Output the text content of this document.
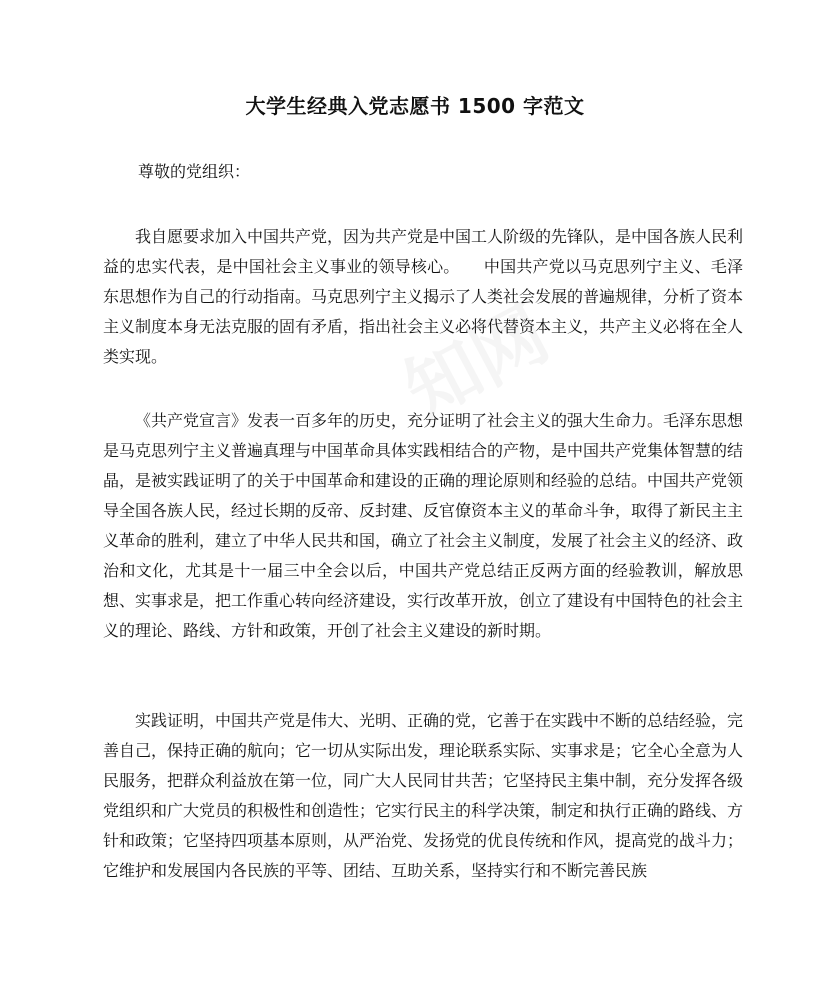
大学生经典入党志愿书 1500 字范文
尊敬的党组织：

我自愿要求加入中国共产党，因为共产党是中国工人阶级的先锋队，是中国各族人民利益的忠实代表，是中国社会主义事业的领导核心。　　中国共产党以马克思列宁主义、毛泽东思想作为自己的行动指南。马克思列宁主义揭示了人类社会发展的普遍规律，分析了资本主义制度本身无法克服的固有矛盾，指出社会主义必将代替资本主义，共产主义必将在全人类实现。

《共产党宣言》发表一百多年的历史，充分证明了社会主义的强大生命力。毛泽东思想是马克思列宁主义普遍真理与中国革命具体实践相结合的产物，是中国共产党集体智慧的结晶，是被实践证明了的关于中国革命和建设的正确的理论原则和经验的总结。中国共产党领导全国各族人民，经过长期的反帝、反封建、反官僚资本主义的革命斗争，取得了新民主主义革命的胜利，建立了中华人民共和国，确立了社会主义制度，发展了社会主义的经济、政治和文化，尤其是十一届三中全会以后，中国共产党总结正反两方面的经验教训，解放思想、实事求是，把工作重心转向经济建设，实行改革开放，创立了建设有中国特色的社会主义的理论、路线、方针和政策，开创了社会主义建设的新时期。

实践证明，中国共产党是伟大、光明、正确的党，它善于在实践中不断的总结经验，完善自己，保持正确的航向；它一切从实际出发，理论联系实际、实事求是；它全心全意为人民服务，把群众利益放在第一位，同广大人民同甘共苦；它坚持民主集中制，充分发挥各级党组织和广大党员的积极性和创造性；它实行民主的科学决策，制定和执行正确的路线、方针和政策；它坚持四项基本原则，从严治党、发扬党的优良传统和作风，提高党的战斗力；它维护和发展国内各民族的平等、团结、互助关系，坚持实行和不断完善民族
